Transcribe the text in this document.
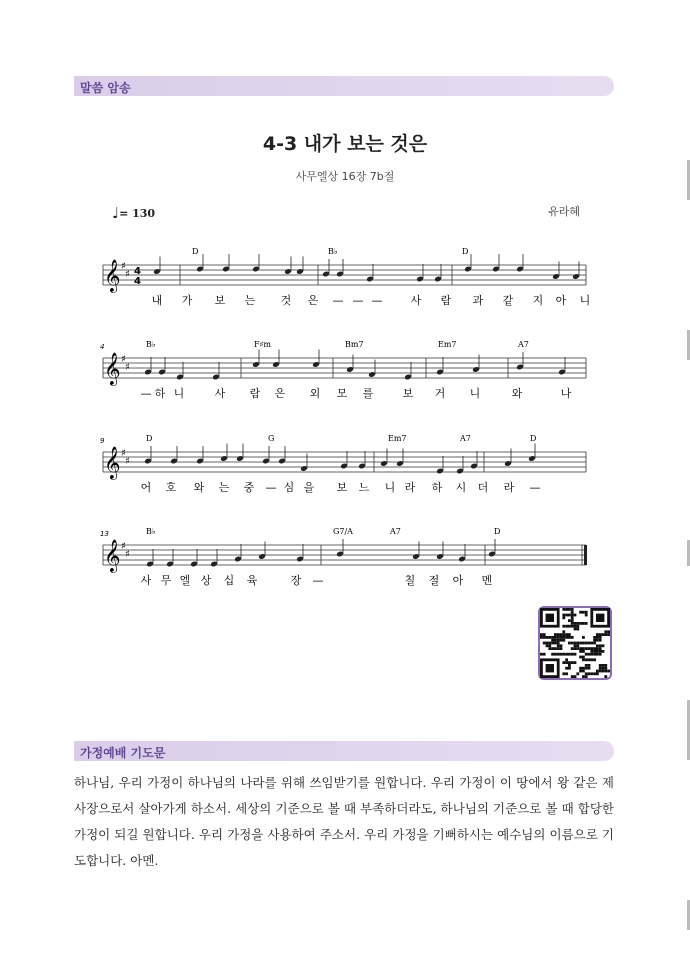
말씀 암송
4-3 내가 보는 것은
사무엘상 16장 7b절
♩= 130	유라혜
𝄞 ♯
♯ 4
4
D	B♭	D
내 가 보 는 것 은 — — —	사 람 과 같 지 아 니
𝄞 ♯
♯
4	B♭	F♯m	Bm7	Em7	A7
— 하 니	사 람 은 외 모 를	보 거 니	와	나
𝄞 ♯
♯
9	D	G	Em7	A7	D
어 호 와 는 중 — 심 을 보 느 니 라 하 시 더 라 —
𝄞 ♯
♯
13	B♭	G7/A	A7	D
사 무 엘 상 십 육	장 —	칠 절 아 멘
가정예배 기도문
하나님, 우리 가정이 하나님의 나라를 위해 쓰임받기를 원합니다. 우리 가정이 이 땅에서 왕 같은 제사장으로서 살아가게 하소서. 세상의 기준으로 볼 때 부족하더라도, 하나님의 기준으로 볼 때 합당한 가정이 되길 원합니다. 우리 가정을 사용하여 주소서. 우리 가정을 기뻐하시는 예수님의 이름으로 기도합니다. 아멘.
